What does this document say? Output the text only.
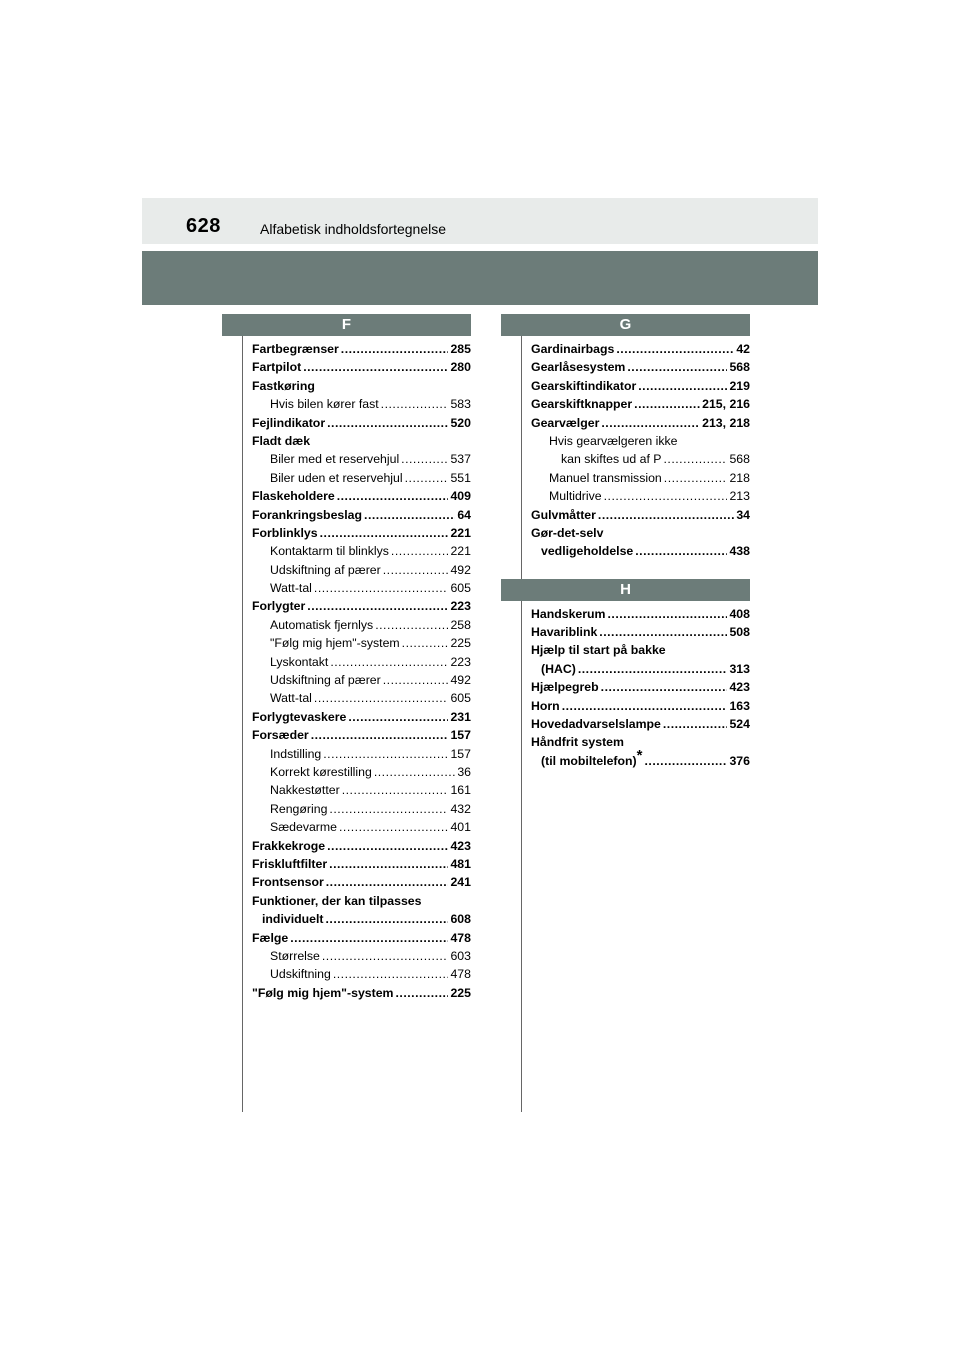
628	Alfabetisk indholdsfortegnelse
F
Fartbegrænser .....	285
Fartpilot .....	280
Fastkøring
Hvis bilen kører fast .....	583
Fejlindikator .....	520
Fladt dæk
Biler med et reservehjul .....	537
Biler uden et reservehjul .....	551
Flaskeholdere .....	409
Forankringsbeslag .....	64
Forblinklys .....	221
Kontaktarm til blinklys .....	221
Udskiftning af pærer .....	492
Watt-tal .....	605
Forlygter .....	223
Automatisk fjernlys .....	258
"Følg mig hjem"-system .....	225
Lyskontakt .....	223
Udskiftning af pærer .....	492
Watt-tal .....	605
Forlygtevaskere .....	231
Forsæder .....	157
Indstilling .....	157
Korrekt kørestilling .....	36
Nakkestøtter .....	161
Rengøring .....	432
Sædevarme .....	401
Frakkekroge .....	423
Friskluftfilter .....	481
Frontsensor .....	241
Funktioner, der kan tilpasses
individuelt .....	608
Fælge .....	478
Størrelse .....	603
Udskiftning .....	478
"Følg mig hjem"-system .....	225
G
Gardinairbags .....	42
Gearlåsesystem .....	568
Gearskiftindikator .....	219
Gearskiftknapper .....	215, 216
Gearvælger .....	213, 218
Hvis gearvælgeren ikke
kan skiftes ud af P .....	568
Manuel transmission .....	218
Multidrive .....	213
Gulvmåtter .....	34
Gør-det-selv
vedligeholdelse .....	438
H
Handskerum .....	408
Havariblink .....	508
Hjælp til start på bakke
(HAC) .....	313
Hjælpegreb .....	423
Horn .....	163
Hovedadvarselslampe .....	524
Håndfrit system
(til mobiltelefon)* .....	376
